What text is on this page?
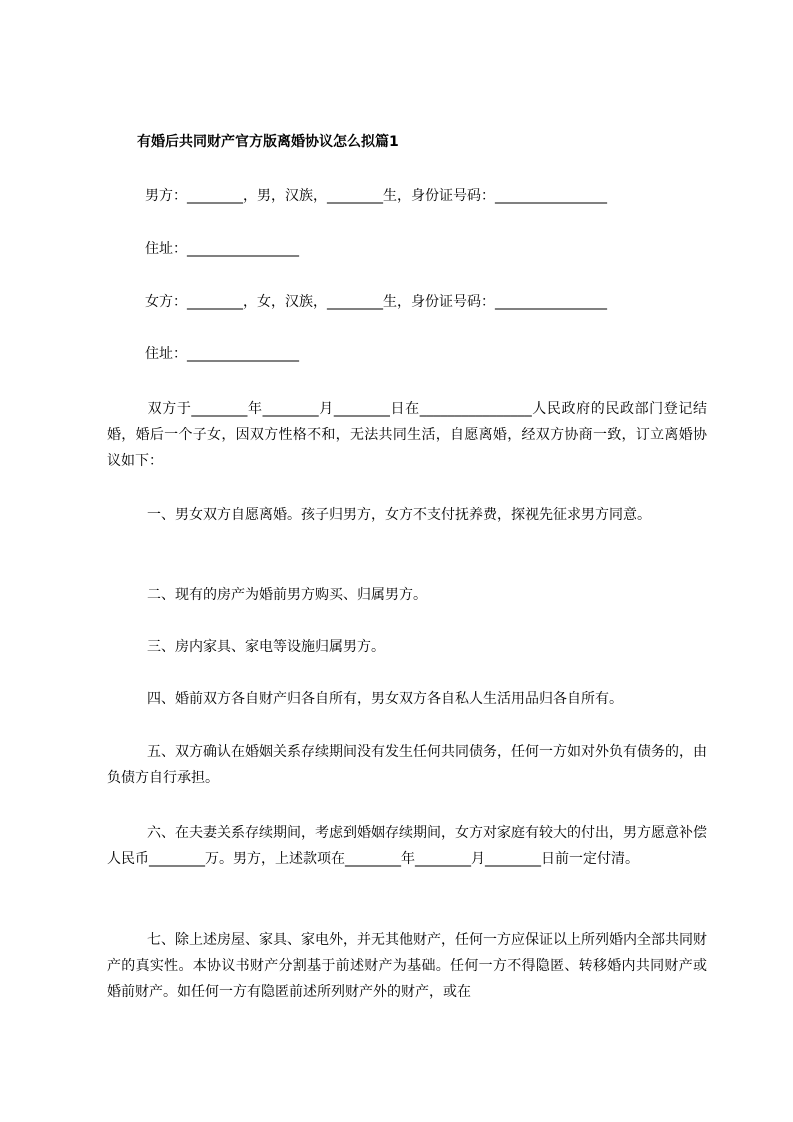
有婚后共同财产官方版离婚协议怎么拟篇1
男方：________，男，汉族，________生，身份证号码：________________
住址：________________
女方：________，女，汉族，________生，身份证号码：________________
住址：________________
双方于________年________月________日在________________人民政府的民政部门登记结婚，婚后一个子女，因双方性格不和，无法共同生活，自愿离婚，经双方协商一致，订立离婚协议如下：
一、男女双方自愿离婚。孩子归男方，女方不支付抚养费，探视先征求男方同意。
二、现有的房产为婚前男方购买、归属男方。
三、房内家具、家电等设施归属男方。
四、婚前双方各自财产归各自所有，男女双方各自私人生活用品归各自所有。
五、双方确认在婚姻关系存续期间没有发生任何共同债务，任何一方如对外负有债务的，由负债方自行承担。
六、在夫妻关系存续期间，考虑到婚姻存续期间，女方对家庭有较大的付出，男方愿意补偿人民币________万。男方，上述款项在________年________月________日前一定付清。
七、除上述房屋、家具、家电外，并无其他财产，任何一方应保证以上所列婚内全部共同财产的真实性。本协议书财产分割基于前述财产为基础。任何一方不得隐匿、转移婚内共同财产或婚前财产。如任何一方有隐匿前述所列财产外的财产，或在
